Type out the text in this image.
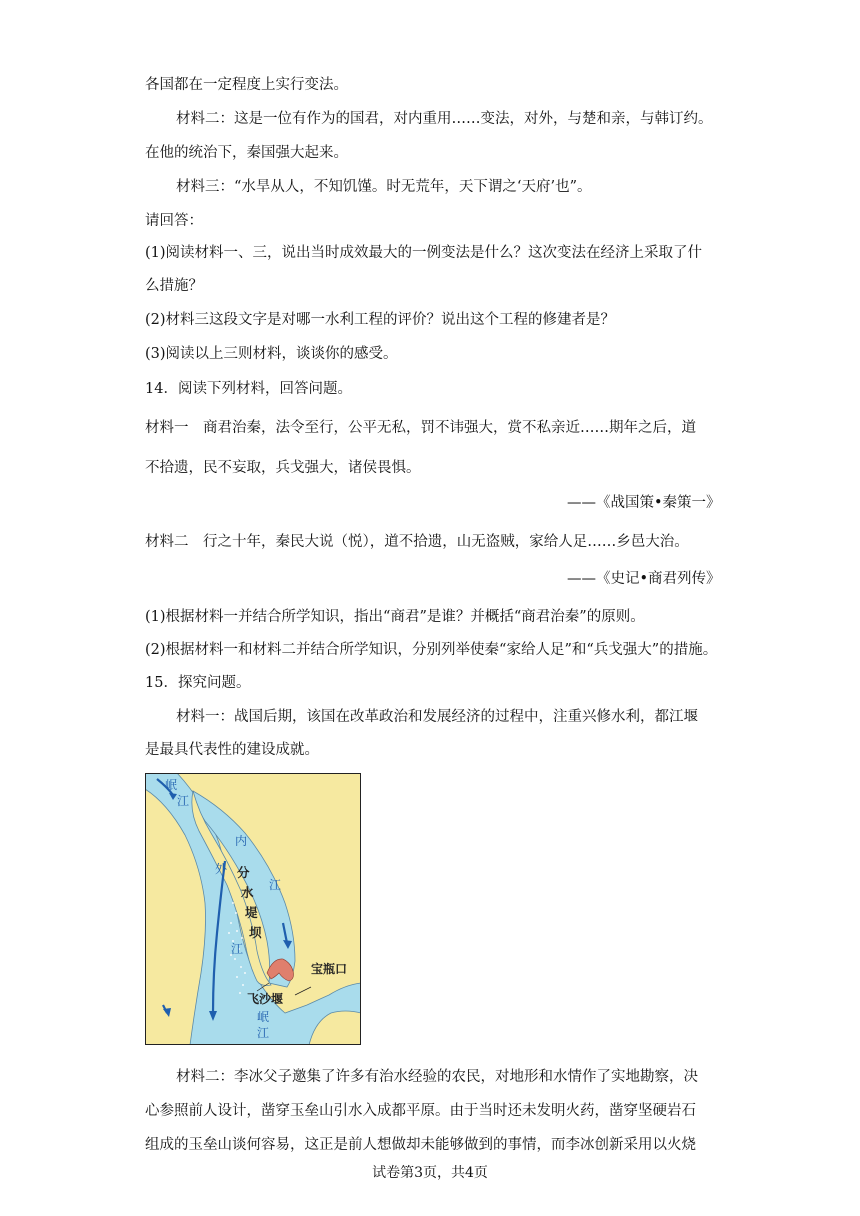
各国都在一定程度上实行变法。
材料二：这是一位有作为的国君，对内重用……变法，对外，与楚和亲，与韩订约。
在他的统治下，秦国强大起来。
材料三：“水旱从人，不知饥馑。时无荒年，天下谓之‘天府’也”。
请回答：
(1)阅读材料一、三，说出当时成效最大的一例变法是什么？这次变法在经济上采取了什
么措施？
(2)材料三这段文字是对哪一水利工程的评价？说出这个工程的修建者是？
(3)阅读以上三则材料，谈谈你的感受。
14．阅读下列材料，回答问题。
材料一　商君治秦，法令至行，公平无私，罚不讳强大，赏不私亲近……期年之后，道
不拾遗，民不妄取，兵戈强大，诸侯畏惧。
——《战国策•秦策一》
材料二　行之十年，秦民大说（悦），道不拾遗，山无盗贼，家给人足……乡邑大治。
——《史记•商君列传》
(1)根据材料一并结合所学知识，指出“商君”是谁？并概括“商君治秦”的原则。
(2)根据材料一和材料二并结合所学知识，分别列举使秦“家给人足”和“兵戈强大”的措施。
15．探究问题。
材料一：战国后期，该国在改革政治和发展经济的过程中，注重兴修水利，都江堰
是最具代表性的建设成就。
岷
江
内
江
外
江
分
水
堤
坝
宝瓶口
飞沙堰
岷
江
材料二：李冰父子邀集了许多有治水经验的农民，对地形和水情作了实地勘察，决
心参照前人设计，凿穿玉垒山引水入成都平原。由于当时还未发明火药，凿穿坚硬岩石
组成的玉垒山谈何容易，这正是前人想做却未能够做到的事情，而李冰创新采用以火烧
试卷第3页，共4页
